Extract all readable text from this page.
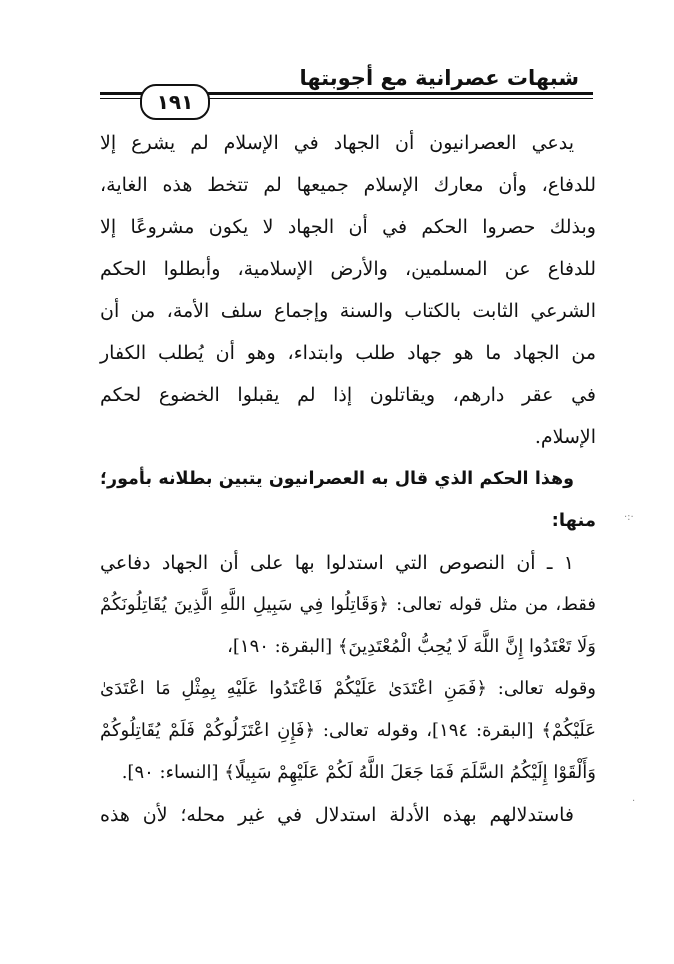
شبهات عصرانية مع أجوبتها
١٩١
يدعي العصرانيون أن الجهاد في الإسلام لم يشرع إلا
للدفاع، وأن معارك الإسلام جميعها لم تتخط هذه الغاية،
وبذلك حصروا الحكم في أن الجهاد لا يكون مشروعًا إلا
للدفاع عن المسلمين، والأرض الإسلامية، وأبطلوا الحكم
الشرعي الثابت بالكتاب والسنة وإجماع سلف الأمة، من أن
من الجهاد ما هو جهاد طلب وابتداء، وهو أن يُطلب الكفار
في عقر دارهم، ويقاتلون إذا لم يقبلوا الخضوع لحكم
الإسلام.
وهذا الحكم الذي قال به العصرانيون يتبين بطلانه بأمور؛
منها:
١ ـ أن النصوص التي استدلوا بها على أن الجهاد دفاعي
فقط، من مثل قوله تعالى: ﴿وَقَاتِلُوا فِي سَبِيلِ اللَّهِ الَّذِينَ يُقَاتِلُونَكُمْ
وَلَا تَعْتَدُوا إِنَّ اللَّهَ لَا يُحِبُّ الْمُعْتَدِينَ﴾ [البقرة: ١٩٠]،
وقوله تعالى: ﴿فَمَنِ اعْتَدَىٰ عَلَيْكُمْ فَاعْتَدُوا عَلَيْهِ بِمِثْلِ مَا اعْتَدَىٰ
عَلَيْكُمْ﴾ [البقرة: ١٩٤]، وقوله تعالى: ﴿فَإِنِ اعْتَزَلُوكُمْ فَلَمْ يُقَاتِلُوكُمْ
وَأَلْقَوْا إِلَيْكُمُ السَّلَمَ فَمَا جَعَلَ اللَّهُ لَكُمْ عَلَيْهِمْ سَبِيلًا﴾ [النساء: ٩٠].
فاستدلالهم بهذه الأدلة استدلال في غير محله؛ لأن هذه
·:·
·
